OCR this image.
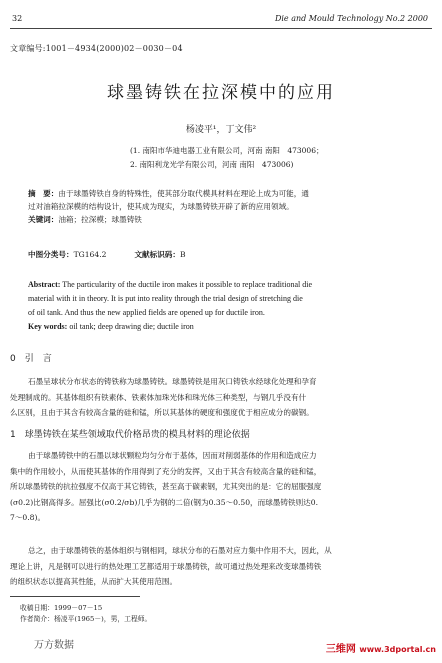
32	Die and Mould Technology No.2 2000
文章编号:1001－4934(2000)02－0030－04
球墨铸铁在拉深模中的应用
杨凌平¹，丁文伟²
(1. 南阳市华迪电器工业有限公司，河南 南阳　473006；
2. 南阳利龙光学有限公司，河南 南阳　473006)
摘　要：由于球墨铸铁自身的特殊性，使其部分取代模具材料在理论上成为可能，通
过对油箱拉深模的结构设计，使其成为现实，为球墨铸铁开辟了新的应用领域。
关键词：油箱；拉深模；球墨铸铁
中图分类号：TG164.2	文献标识码：B
Abstract: The particularity of the ductile iron makes it possible to replace traditional die
material with it in theory. It is put into reality through the trial design of stretching die
of oil tank. And thus the new applied fields are opened up for ductile iron.
Key words: oil tank; deep drawing die; ductile iron
0　引　言
石墨呈球状分布状态的铸铁称为球墨铸铁。球墨铸铁是用灰口铸铁水经球化处理和孕育
处理制成的。其基体组织有铁素体、铁素体加珠光体和珠光体三种类型，与钢几乎没有什
么区别，且由于其含有较高含量的硅和锰，所以其基体的硬度和强度优于相应成分的碳钢。
1　球墨铸铁在某些领域取代价格昂贵的模具材料的理论依据
由于球墨铸铁中的石墨以球状颗粒均匀分布于基体，因而对削弱基体的作用和造成应力
集中的作用较小，从而使其基体的作用得到了充分的发挥，又由于其含有较高含量的硅和锰，
所以球墨铸铁的抗拉强度不仅高于其它铸铁，甚至高于碳素钢，尤其突出的是：它的屈服强度
(σ0.2)比钢高得多。屈强比(σ0.2/σb)几乎为钢的二倍(钢为0.35～0.50，而球墨铸铁则达0.
7～0.8)。
总之，由于球墨铸铁的基体组织与钢相同，球状分布的石墨对应力集中作用不大，因此，从
理论上讲，凡是钢可以进行的热处理工艺都适用于球墨铸铁，故可通过热处理来改变球墨铸铁
的组织状态以提高其性能，从而扩大其使用范围。
收稿日期：1999－07－15
作者简介：杨凌平(1965－)，男，工程师。
万方数据	三维网 www.3dportal.cn
